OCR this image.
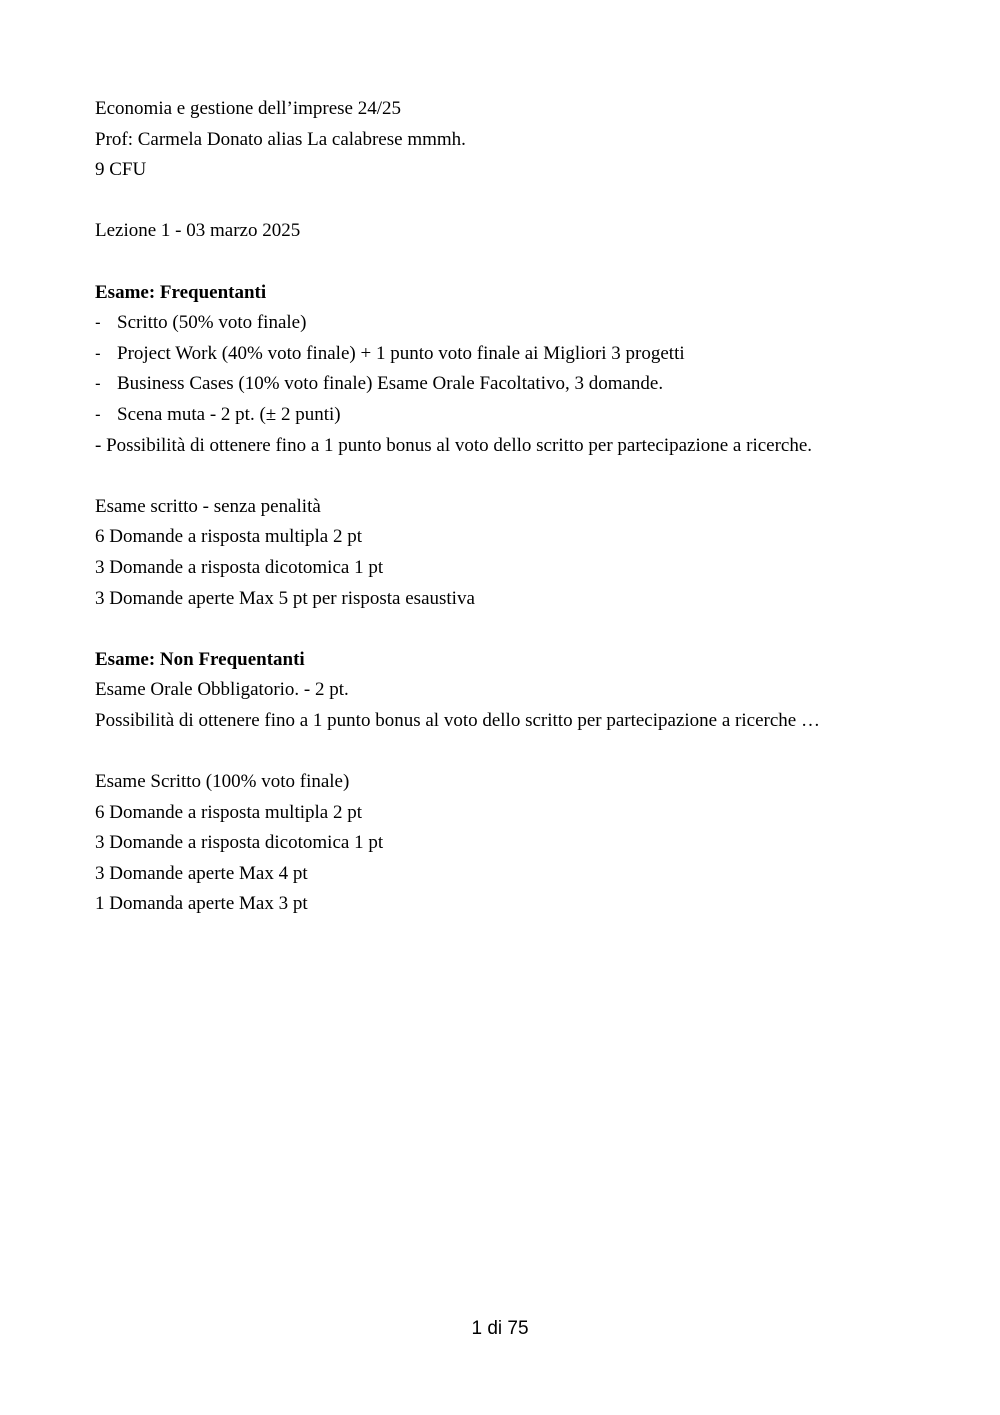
Economia e gestione dell’imprese 24/25
Prof: Carmela Donato alias La calabrese mmmh.
9 CFU
Lezione 1 - 03 marzo 2025
Esame: Frequentanti
- Scritto (50% voto finale)
- Project Work (40% voto finale) + 1 punto voto finale ai Migliori 3 progetti
- Business Cases (10% voto finale) Esame Orale Facoltativo, 3 domande.
- Scena muta - 2 pt. (± 2 punti)
- Possibilità di ottenere fino a 1 punto bonus al voto dello scritto per partecipazione a ricerche.
Esame scritto - senza penalità
6 Domande a risposta multipla 2 pt
3 Domande a risposta dicotomica 1 pt
3 Domande aperte Max 5 pt per risposta esaustiva
Esame: Non Frequentanti
Esame Orale Obbligatorio. - 2 pt.
Possibilità di ottenere fino a 1 punto bonus al voto dello scritto per partecipazione a ricerche …
Esame Scritto (100% voto finale)
6 Domande a risposta multipla 2 pt
3 Domande a risposta dicotomica 1 pt
3 Domande aperte Max 4 pt
1 Domanda aperte Max 3 pt
1 di 75
